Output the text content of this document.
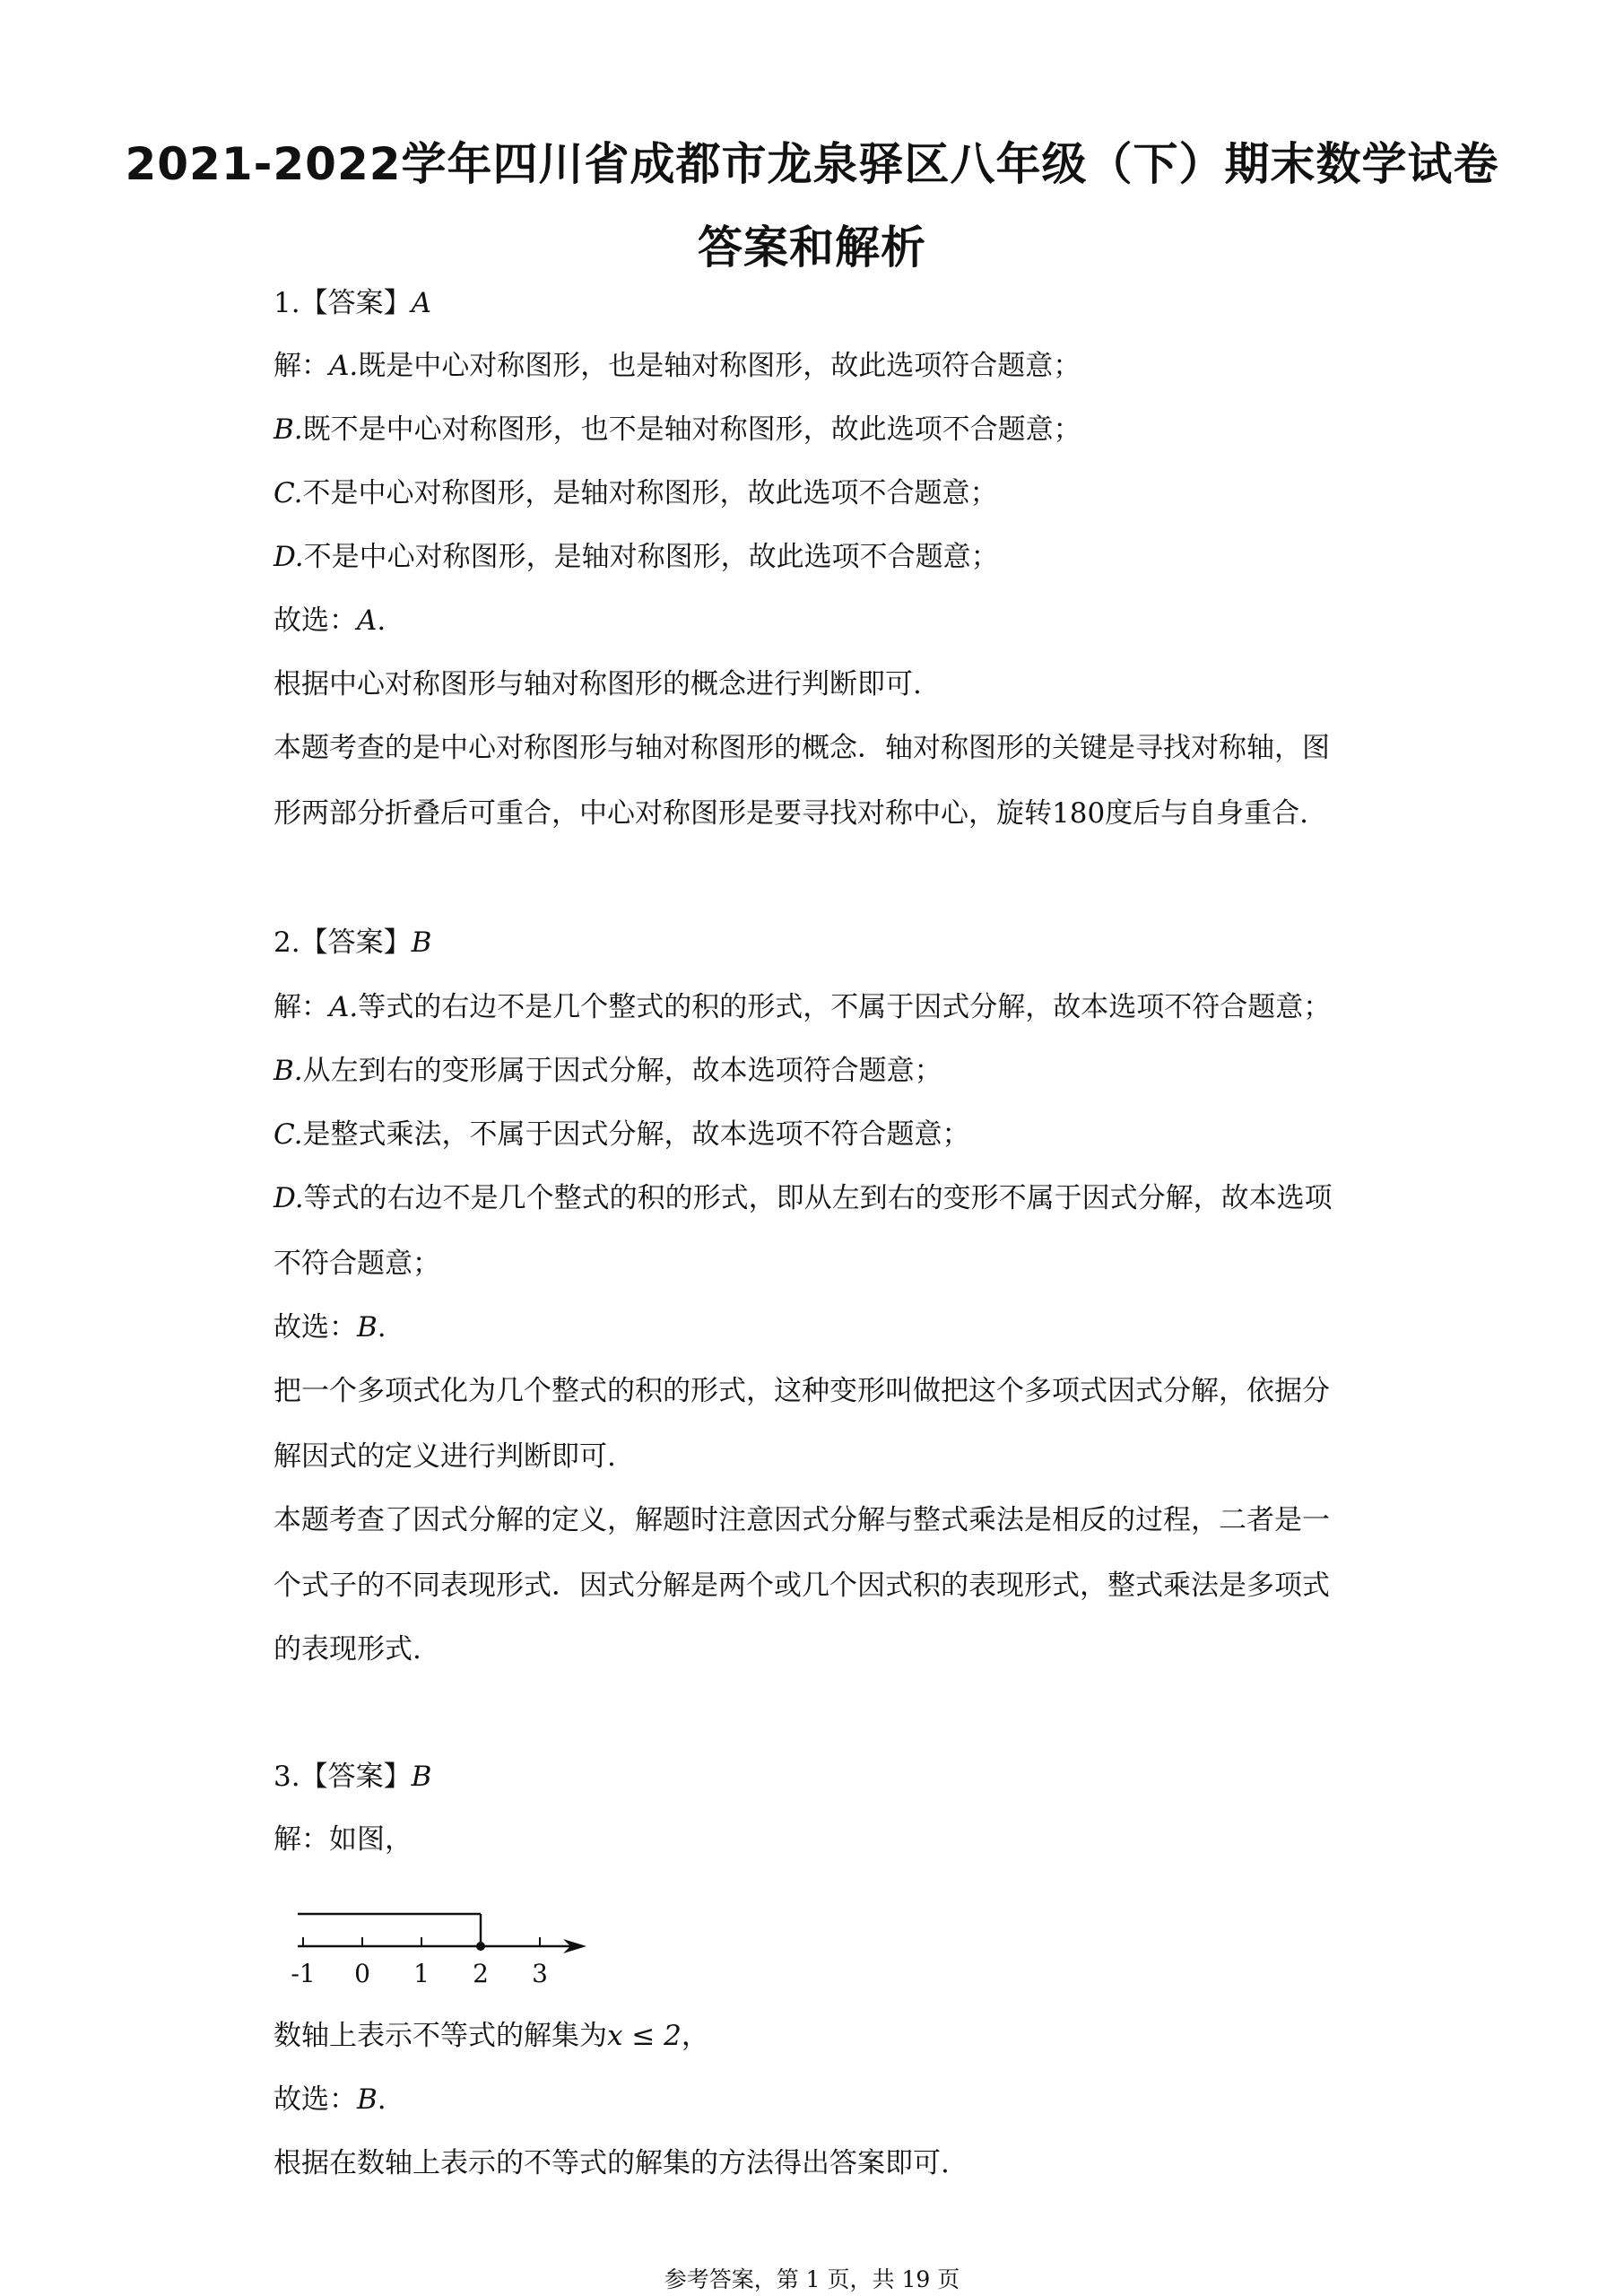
2021-2022学年四川省成都市龙泉驿区八年级（下）期末数学试卷
答案和解析
1.【答案】A
解：A.既是中心对称图形，也是轴对称图形，故此选项符合题意；
B.既不是中心对称图形，也不是轴对称图形，故此选项不合题意；
C.不是中心对称图形，是轴对称图形，故此选项不合题意；
D.不是中心对称图形，是轴对称图形，故此选项不合题意；
故选：A.
根据中心对称图形与轴对称图形的概念进行判断即可.
本题考查的是中心对称图形与轴对称图形的概念．轴对称图形的关键是寻找对称轴，图
形两部分折叠后可重合，中心对称图形是要寻找对称中心，旋转180度后与自身重合.
2.【答案】B
解：A.等式的右边不是几个整式的积的形式，不属于因式分解，故本选项不符合题意；
B.从左到右的变形属于因式分解，故本选项符合题意；
C.是整式乘法，不属于因式分解，故本选项不符合题意；
D.等式的右边不是几个整式的积的形式，即从左到右的变形不属于因式分解，故本选项
不符合题意；
故选：B.
把一个多项式化为几个整式的积的形式，这种变形叫做把这个多项式因式分解，依据分
解因式的定义进行判断即可.
本题考查了因式分解的定义，解题时注意因式分解与整式乘法是相反的过程，二者是一
个式子的不同表现形式．因式分解是两个或几个因式积的表现形式，整式乘法是多项式
的表现形式.
3.【答案】B
解：如图，
-1 0 1 2 3
数轴上表示不等式的解集为x ≤ 2，
故选：B.
根据在数轴上表示的不等式的解集的方法得出答案即可.
参考答案，第 1 页，共 19 页
